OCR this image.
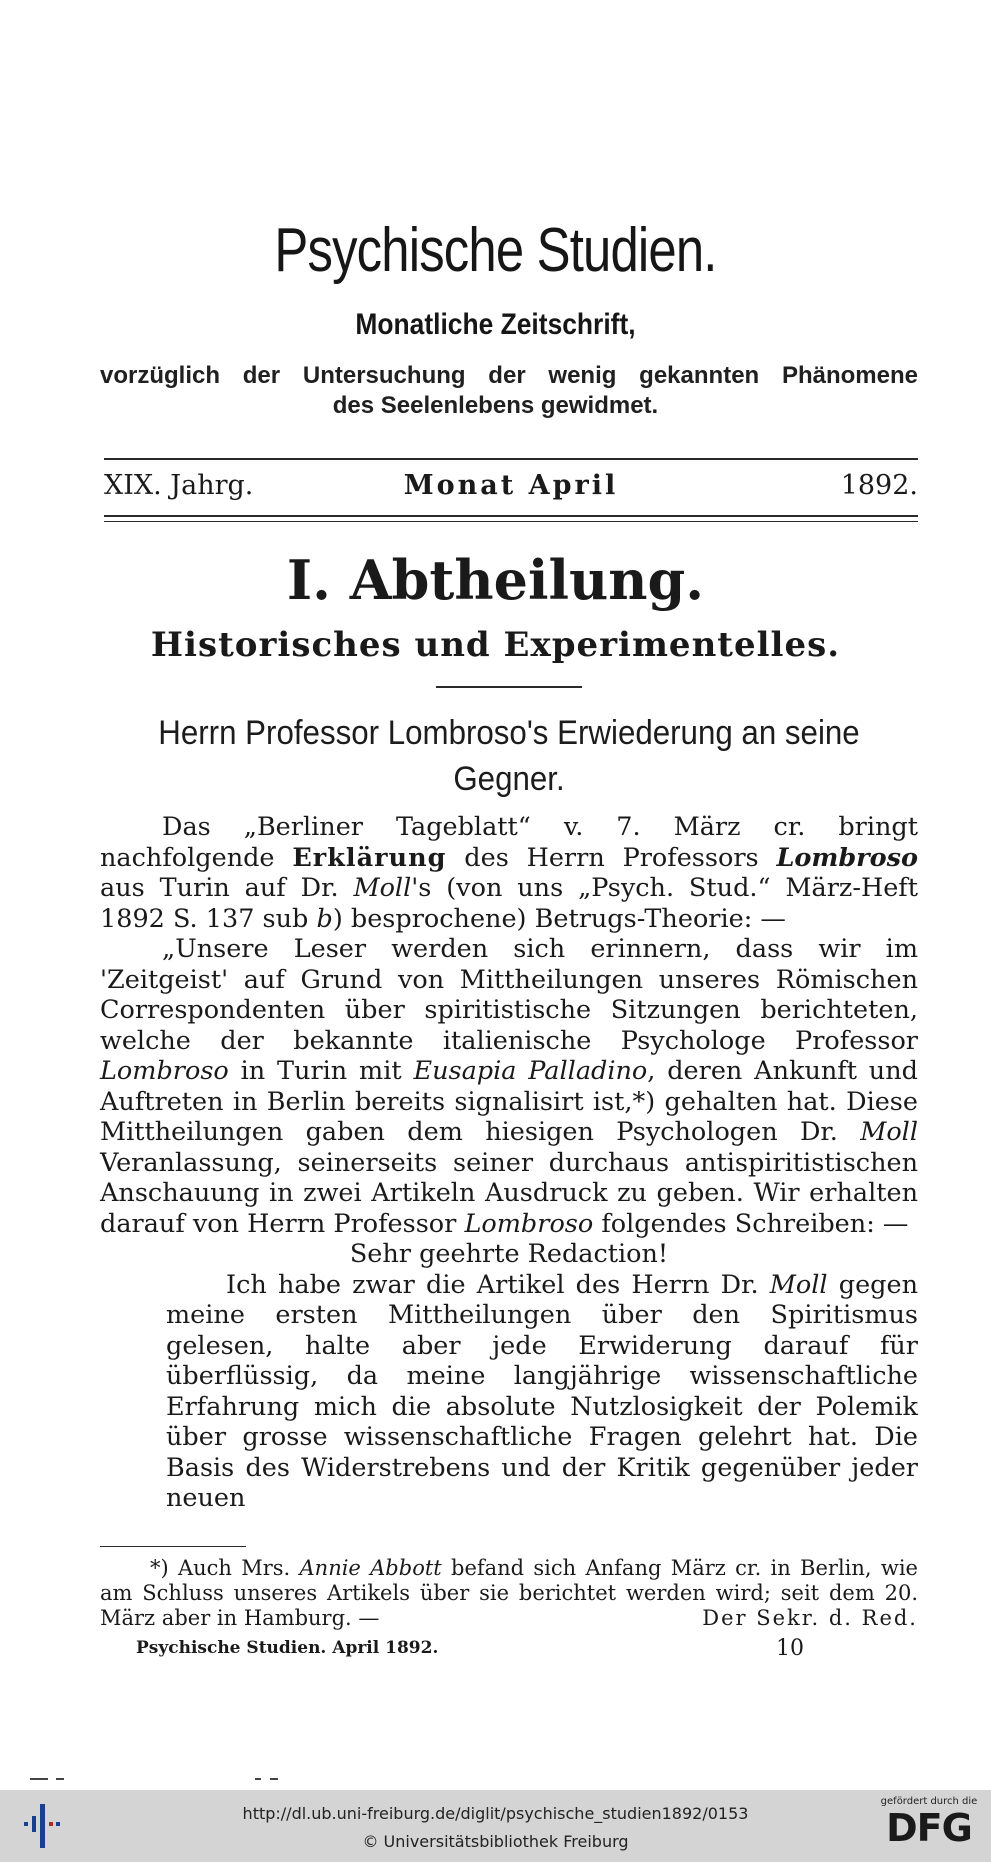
Psychische Studien.
Monatliche Zeitschrift,
vorzüglich der Untersuchung der wenig gekannten Phänomene
des Seelenlebens gewidmet.
XIX. Jahrg.	Monat April	1892.
I. Abtheilung.
Historisches und Experimentelles.
Herrn Professor Lombroso's Erwiederung an seine Gegner.

Das „Berliner Tageblatt“ v. 7. März cr. bringt nachfolgende Erklärung des Herrn Professors Lombroso aus Turin auf Dr. Moll's (von uns „Psych. Stud.“ März-Heft 1892 S. 137 sub b) besprochene) Betrugs-Theorie: —

„Unsere Leser werden sich erinnern, dass wir im 'Zeitgeist' auf Grund von Mittheilungen unseres Römischen Correspondenten über spiritistische Sitzungen berichteten, welche der bekannte italienische Psychologe Professor Lombroso in Turin mit Eusapia Palladino, deren Ankunft und Auftreten in Berlin bereits signalisirt ist,*) gehalten hat. Diese Mittheilungen gaben dem hiesigen Psychologen Dr. Moll Veranlassung, seinerseits seiner durchaus antispiritistischen Anschauung in zwei Artikeln Ausdruck zu geben. Wir erhalten darauf von Herrn Professor Lombroso folgendes Schreiben: —

Sehr geehrte Redaction!

Ich habe zwar die Artikel des Herrn Dr. Moll gegen meine ersten Mittheilungen über den Spiritismus gelesen, halte aber jede Erwiderung darauf für überflüssig, da meine langjährige wissenschaftliche Erfahrung mich die absolute Nutzlosigkeit der Polemik über grosse wissenschaftliche Fragen gelehrt hat. Die Basis des Widerstrebens und der Kritik gegenüber jeder neuen

*) Auch Mrs. Annie Abbott befand sich Anfang März cr. in Berlin, wie am Schluss unseres Artikels über sie berichtet werden wird; seit dem 20. März aber in Hamburg. —	Der Sekr. d. Red.

Psychische Studien. April 1892.	10
http://dl.ub.uni-freiburg.de/diglit/psychische_studien1892/0153
© Universitätsbibliothek Freiburg
gefördert durch die
DFG
